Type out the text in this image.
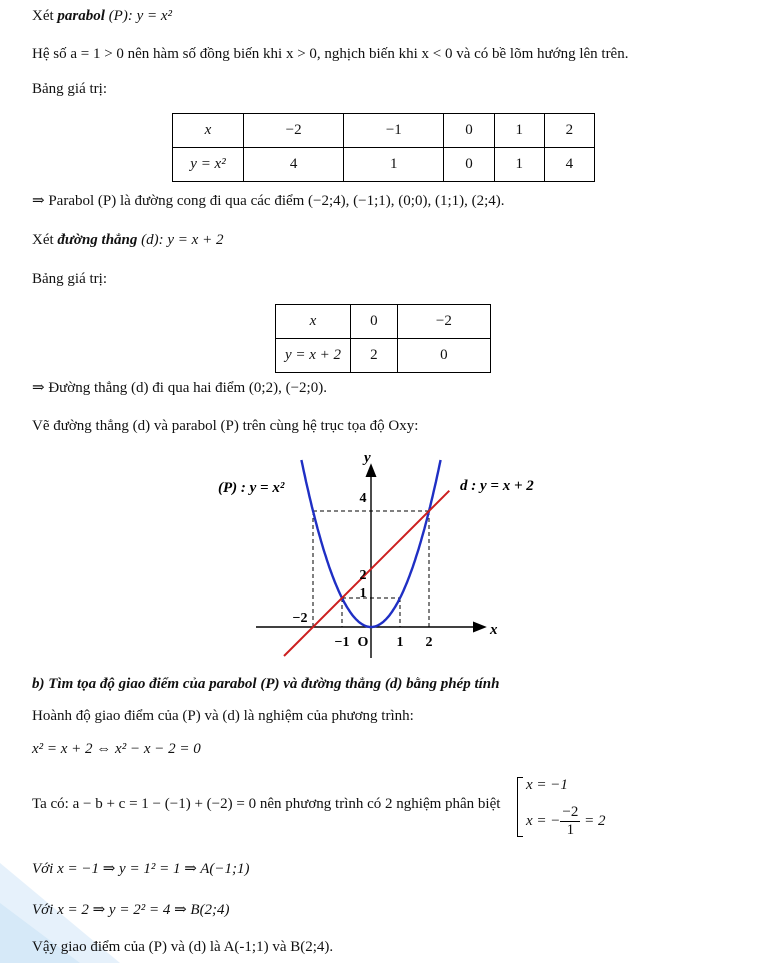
Xét parabol (P): y = x²
Hệ số a = 1 > 0 nên hàm số đồng biến khi x > 0, nghịch biến khi x < 0 và có bề lõm hướng lên trên.
Bảng giá trị:
x	−2	−1	0	1	2
y = x²	4	1	0	1	4
⇒ Parabol (P) là đường cong đi qua các điểm (−2;4), (−1;1), (0;0), (1;1), (2;4).
Xét đường thẳng (d): y = x + 2
Bảng giá trị:
x	0	−2
y = x + 2	2	0
⇒ Đường thẳng (d) đi qua hai điểm (0;2), (−2;0).
Vẽ đường thẳng (d) và parabol (P) trên cùng hệ trục tọa độ Oxy:
−1	1 2
O
1
2
4
−2
(P) : y = x²	d : y = x + 2
x
y
b) Tìm tọa độ giao điểm của parabol (P) và đường thẳng (d) bằng phép tính
Hoành độ giao điểm của (P) và (d) là nghiệm của phương trình:
x² = x + 2 ⇔ x² − x − 2 = 0
Ta có: a − b + c = 1 − (−1) + (−2) = 0 nên phương trình có 2 nghiệm phân biệt
x = −1
x = − $\frac{-2}{1} = 2$
Với x = −1 ⇒ y = 1² = 1 ⇒ A(−1;1)
Với x = 2 ⇒ y = 2² = 4 ⇒ B(2;4)
Vậy giao điểm của (P) và (d) là A(-1;1) và B(2;4).
